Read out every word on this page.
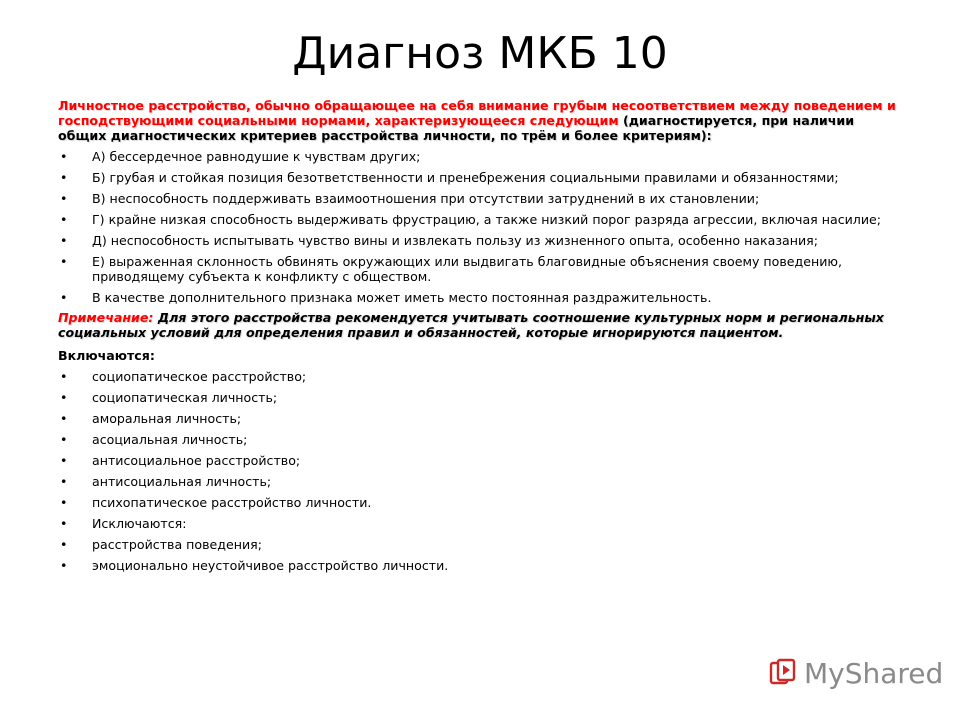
Диагноз МКБ 10

Личностное расстройство, обычно обращающее на себя внимание грубым несоответствием между поведением и господствующими социальными нормами, характеризующееся следующим (диагностируется, при наличии общих диагностических критериев расстройства личности, по трём и более критериям):

• А) бессердечное равнодушие к чувствам других;
• Б) грубая и стойкая позиция безответственности и пренебрежения социальными правилами и обязанностями;
• В) неспособность поддерживать взаимоотношения при отсутствии затруднений в их становлении;
• Г) крайне низкая способность выдерживать фрустрацию, а также низкий порог разряда агрессии, включая насилие;
• Д) неспособность испытывать чувство вины и извлекать пользу из жизненного опыта, особенно наказания;
• Е) выраженная склонность обвинять окружающих или выдвигать благовидные объяснения своему поведению, приводящему субъекта к конфликту с обществом.
• В качестве дополнительного признака может иметь место постоянная раздражительность.

Примечание: Для этого расстройства рекомендуется учитывать соотношение культурных норм и региональных социальных условий для определения правил и обязанностей, которые игнорируются пациентом.

Включаются:
• социопатическое расстройство;
• социопатическая личность;
• аморальная личность;
• асоциальная личность;
• антисоциальное расстройство;
• антисоциальная личность;
• психопатическое расстройство личности.
• Исключаются:
• расстройства поведения;
• эмоционально неустойчивое расстройство личности.
MyShared
